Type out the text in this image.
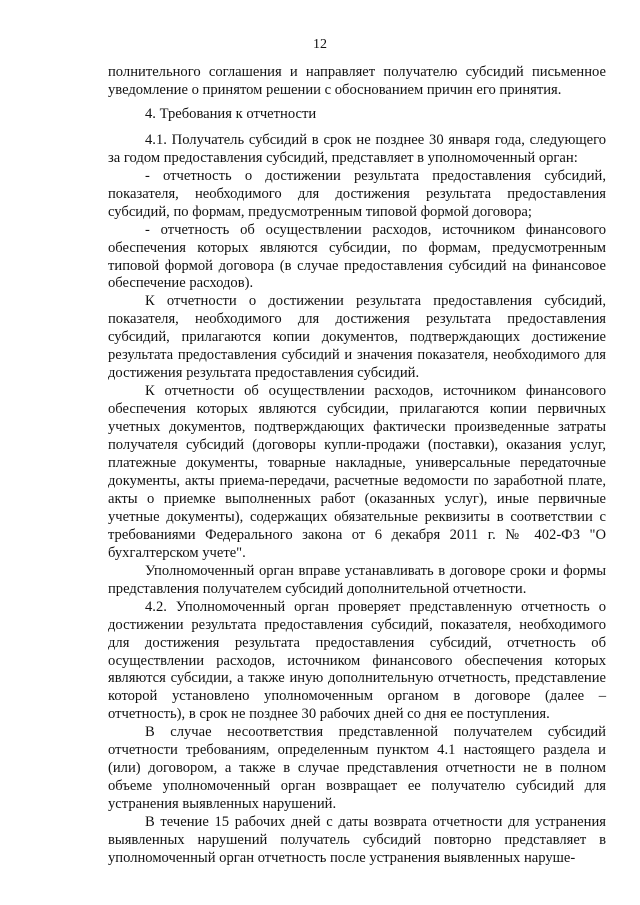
12

полнительного соглашения и направляет получателю субсидий письменное уведомление о принятом решении с обоснованием причин его принятия.

4. Требования к отчетности

4.1. Получатель субсидий в срок не позднее 30 января года, следующего за годом предоставления субсидий, представляет в уполномоченный орган:

- отчетность о достижении результата предоставления субсидий, показателя, необходимого для достижения результата предоставления субсидий, по формам, предусмотренным типовой формой договора;

- отчетность об осуществлении расходов, источником финансового обеспечения которых являются субсидии, по формам, предусмотренным типовой формой договора (в случае предоставления субсидий на финансовое обеспечение расходов).

К отчетности о достижении результата предоставления субсидий, показателя, необходимого для достижения результата предоставления субсидий, прилагаются копии документов, подтверждающих достижение результата предоставления субсидий и значения показателя, необходимого для достижения результата предоставления субсидий.

К отчетности об осуществлении расходов, источником финансового обеспечения которых являются субсидии, прилагаются копии первичных учетных документов, подтверждающих фактически произведенные затраты получателя субсидий (договоры купли-продажи (поставки), оказания услуг, платежные документы, товарные накладные, универсальные передаточные документы, акты приема-передачи, расчетные ведомости по заработной плате, акты о приемке выполненных работ (оказанных услуг), иные первичные учетные документы), содержащих обязательные реквизиты в соответствии с требованиями Федерального закона от 6 декабря 2011 г. № 402-ФЗ "О бухгалтерском учете".

Уполномоченный орган вправе устанавливать в договоре сроки и формы представления получателем субсидий дополнительной отчетности.

4.2. Уполномоченный орган проверяет представленную отчетность о достижении результата предоставления субсидий, показателя, необходимого для достижения результата предоставления субсидий, отчетность об осуществлении расходов, источником финансового обеспечения которых являются субсидии, а также иную дополнительную отчетность, представление которой установлено уполномоченным органом в договоре (далее – отчетность), в срок не позднее 30 рабочих дней со дня ее поступления.

В случае несоответствия представленной получателем субсидий отчетности требованиям, определенным пунктом 4.1 настоящего раздела и (или) договором, а также в случае представления отчетности не в полном объеме уполномоченный орган возвращает ее получателю субсидий для устранения выявленных нарушений.

В течение 15 рабочих дней с даты возврата отчетности для устранения выявленных нарушений получатель субсидий повторно представляет в уполномоченный орган отчетность после устранения выявленных наруше-
